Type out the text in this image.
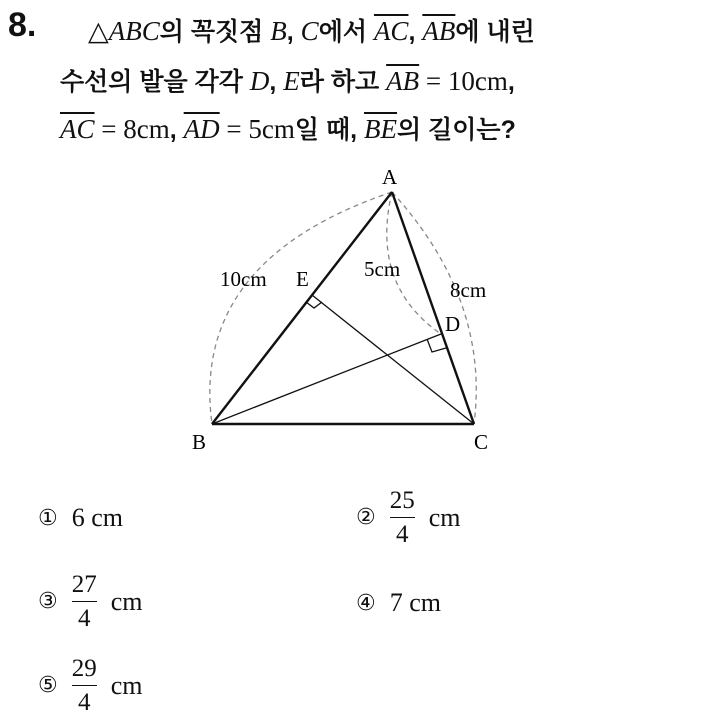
8. △ABC의 꼭짓점 B, C에서 $\overline{AC}$, $\overline{AB}$에 내린
수선의 발을 각각 D, E라 하고 $\overline{AB} = 10cm$,
$\overline{AC} = 8cm$, $\overline{AD} = 5cm$일 때, $\overline{BE}$의 길이는?
A
B	C
D
E
10cm	5cm
8cm
① 6 cm	② $\frac{25}{4}$ cm
③ $\frac{27}{4}$ cm	④ 7 cm
⑤ $\frac{29}{4}$ cm
